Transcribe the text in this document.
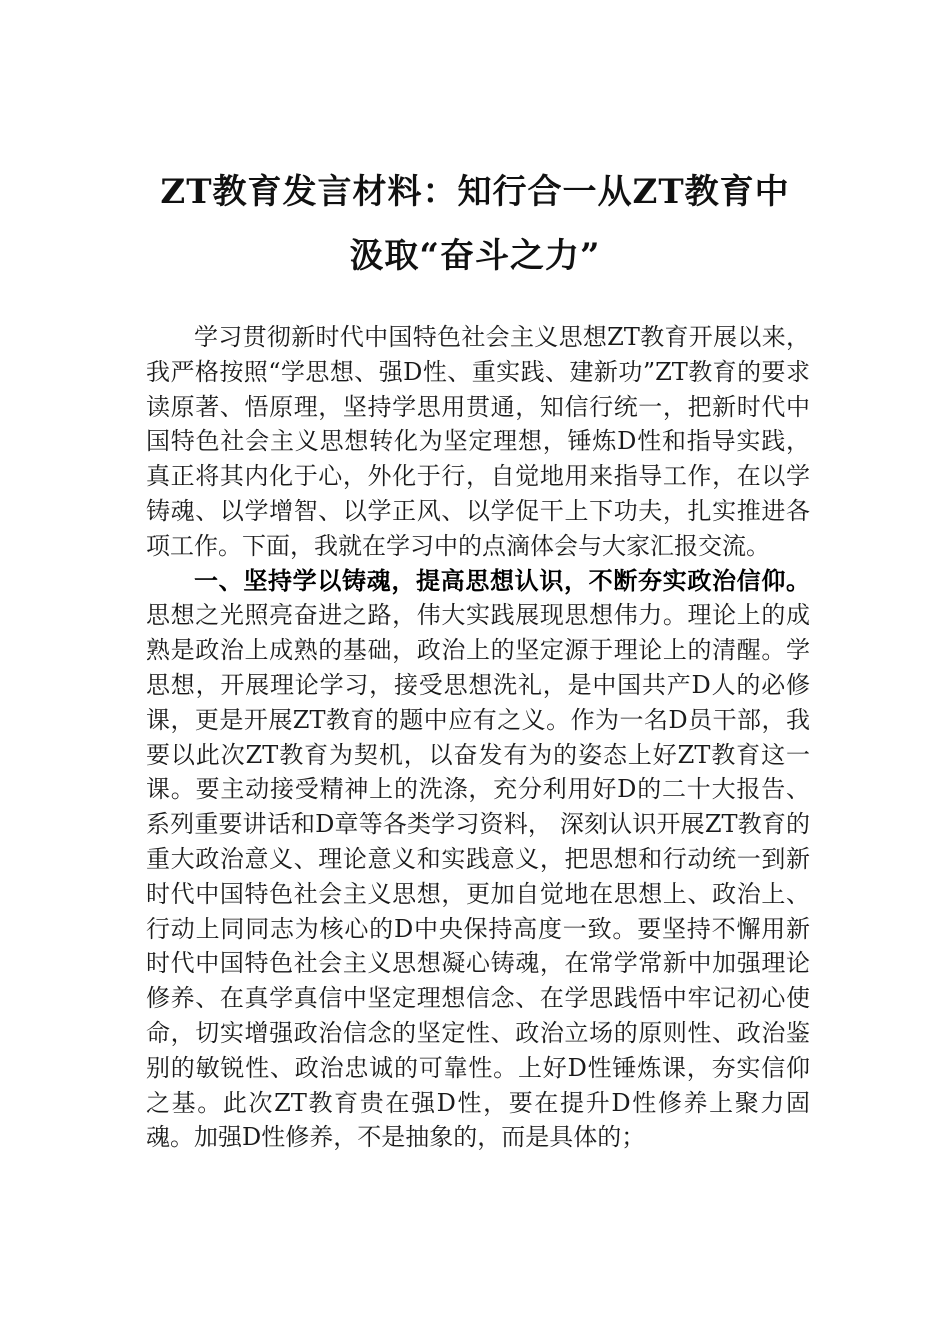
ZT教育发言材料：知行合一从ZT教育中
汲取“奋斗之力”

学习贯彻新时代中国特色社会主义思想ZT教育开展以来，我严格按照“学思想、强D性、重实践、建新功”ZT教育的要求读原著、悟原理，坚持学思用贯通，知信行统一，把新时代中国特色社会主义思想转化为坚定理想，锤炼D性和指导实践，真正将其内化于心，外化于行，自觉地用来指导工作，在以学铸魂、以学增智、以学正风、以学促干上下功夫，扎实推进各项工作。下面，我就在学习中的点滴体会与大家汇报交流。

一、坚持学以铸魂，提高思想认识，不断夯实政治信仰。思想之光照亮奋进之路，伟大实践展现思想伟力。理论上的成熟是政治上成熟的基础，政治上的坚定源于理论上的清醒。学思想，开展理论学习，接受思想洗礼，是中国共产D人的必修课，更是开展ZT教育的题中应有之义。作为一名D员干部，我要以此次ZT教育为契机，以奋发有为的姿态上好ZT教育这一课。要主动接受精神上的洗涤，充分利用好D的二十大报告、系列重要讲话和D章等各类学习资料， 深刻认识开展ZT教育的重大政治意义、理论意义和实践意义，把思想和行动统一到新时代中国特色社会主义思想，更加自觉地在思想上、政治上、行动上同同志为核心的D中央保持高度一致。要坚持不懈用新时代中国特色社会主义思想凝心铸魂，在常学常新中加强理论修养、在真学真信中坚定理想信念、在学思践悟中牢记初心使命，切实增强政治信念的坚定性、政治立场的原则性、政治鉴别的敏锐性、政治忠诚的可靠性。上好D性锤炼课，夯实信仰之基。此次ZT教育贵在强D性，要在提升D性修养上聚力固魂。加强D性修养，不是抽象的，而是具体的；
